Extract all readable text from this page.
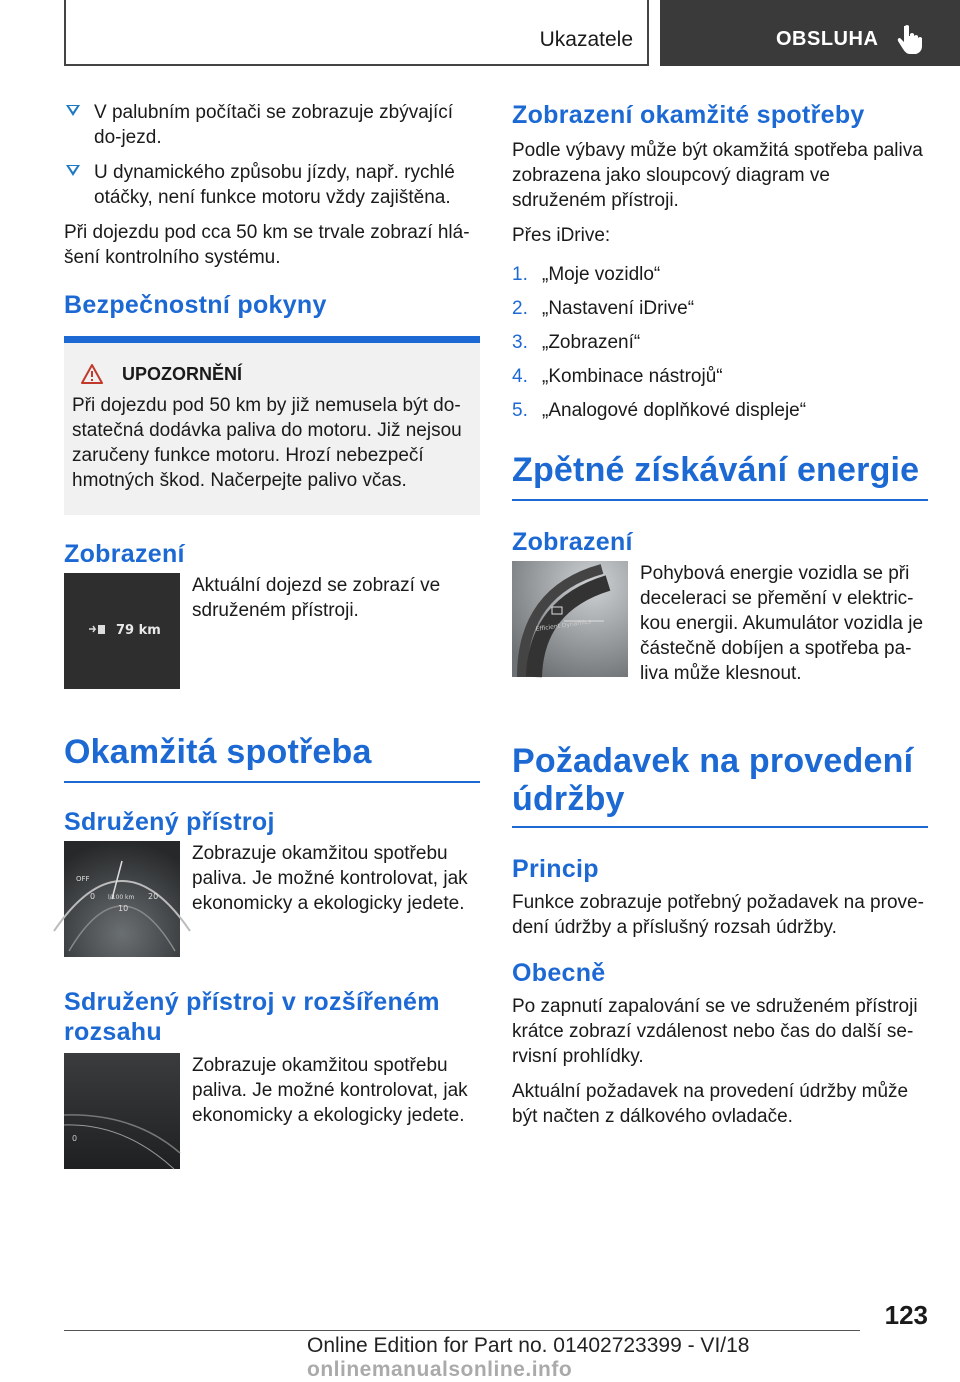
Ukazatele	OBSLUHA
V palubním počítači se zobrazuje zbývající do-jezd.
U dynamického způsobu jízdy, např. rychlé otáčky, není funkce motoru vždy zajištěna.

Při dojezdu pod cca 50 km se trvale zobrazí hlá-šení kontrolního systému.

Bezpečnostní pokyny
UPOZORNĚNÍ

Při dojezdu pod 50 km by již nemusela být do-statečná dodávka paliva do motoru. Již nejsou zaručeny funkce motoru. Hrozí nebezpečí hmotných škod. Načerpejte palivo včas.

Zobrazení
79 km

Aktuální dojezd se zobrazí ve sdruženém přístroji.

Okamžitá spotřeba
Sdružený přístroj
OFF
0 l/100 km 20
10

Zobrazuje okamžitou spotřebu paliva. Je možné kontrolovat, jak ekonomicky a ekologicky jedete.

Sdružený přístroj v rozšířeném rozsahu
0

Zobrazuje okamžitou spotřebu paliva. Je možné kontrolovat, jak ekonomicky a ekologicky jedete.

Zobrazení okamžité spotřeby

Podle výbavy může být okamžitá spotřeba paliva zobrazena jako sloupcový diagram ve sdruženém přístroji.

Přes iDrive:

1. „Moje vozidlo“
2. „Nastavení iDrive“
3. „Zobrazení“
4. „Kombinace nástrojů“
5. „Analogové doplňkové displeje“
Zpětné získávání energie
Zobrazení
Efficient Dynamics

Pohybová energie vozidla se při deceleraci se přemění v elektric-kou energii. Akumulátor vozidla je částečně dobíjen a spotřeba pa-liva může klesnout.

Požadavek na provedení údržby
Princip

Funkce zobrazuje potřebný požadavek na prove-dení údržby a příslušný rozsah údržby.

Obecně

Po zapnutí zapalování se ve sdruženém přístroji krátce zobrazí vzdálenost nebo čas do další se-rvisní prohlídky.

Aktuální požadavek na provedení údržby může být načten z dálkového ovladače.

123
Online Edition for Part no. 01402723399 - VI/18 onlinemanualsonline.info
